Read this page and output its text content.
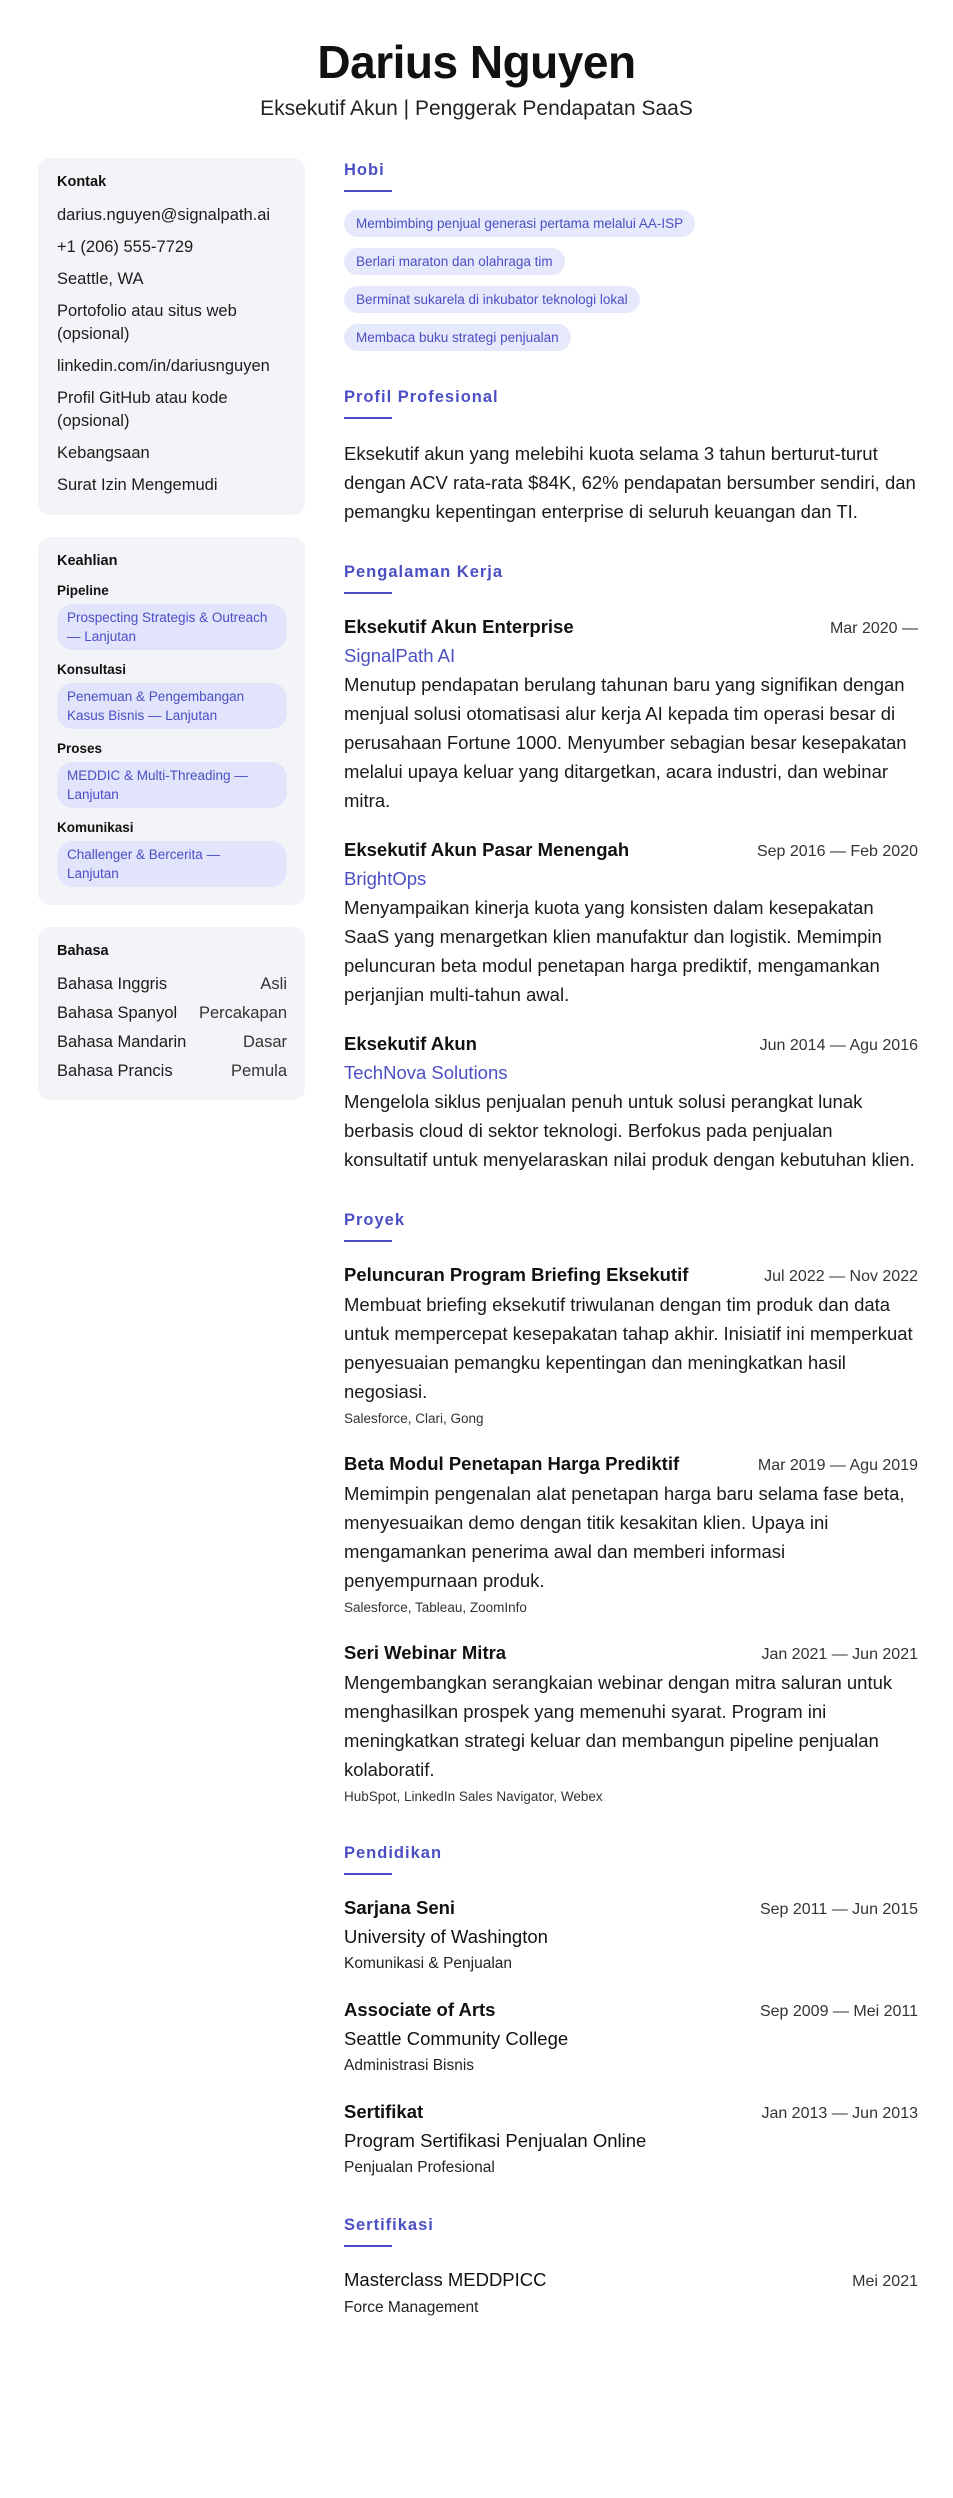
Darius Nguyen
Eksekutif Akun | Penggerak Pendapatan SaaS
Kontak
darius.nguyen@signalpath.ai
+1 (206) 555-7729
Seattle, WA
Portofolio atau situs web (opsional)
linkedin.com/in/dariusnguyen
Profil GitHub atau kode (opsional)
Kebangsaan
Surat Izin Mengemudi
Keahlian
Pipeline
Prospecting Strategis & Outreach — Lanjutan
Konsultasi
Penemuan & Pengembangan Kasus Bisnis — Lanjutan
Proses
MEDDIC & Multi-Threading — Lanjutan
Komunikasi
Challenger & Bercerita — Lanjutan
Bahasa
Bahasa Inggris	Asli
Bahasa Spanyol Percakapan
Bahasa Mandarin	Dasar
Bahasa Prancis	Pemula
Hobi
Membimbing penjual generasi pertama melalui AA-ISP
Berlari maraton dan olahraga tim
Berminat sukarela di inkubator teknologi lokal
Membaca buku strategi penjualan
Profil Profesional
Eksekutif akun yang melebihi kuota selama 3 tahun berturut-turut dengan ACV rata-rata $84K, 62% pendapatan bersumber sendiri, dan pemangku kepentingan enterprise di seluruh keuangan dan TI.
Pengalaman Kerja
Eksekutif Akun Enterprise	Mar 2020 —
SignalPath AI
Menutup pendapatan berulang tahunan baru yang signifikan dengan menjual solusi otomatisasi alur kerja AI kepada tim operasi besar di perusahaan Fortune 1000. Menyumber sebagian besar kesepakatan melalui upaya keluar yang ditargetkan, acara industri, dan webinar mitra.
Eksekutif Akun Pasar Menengah	Sep 2016 — Feb 2020
BrightOps
Menyampaikan kinerja kuota yang konsisten dalam kesepakatan SaaS yang menargetkan klien manufaktur dan logistik. Memimpin peluncuran beta modul penetapan harga prediktif, mengamankan perjanjian multi-tahun awal.
Eksekutif Akun	Jun 2014 — Agu 2016
TechNova Solutions
Mengelola siklus penjualan penuh untuk solusi perangkat lunak berbasis cloud di sektor teknologi. Berfokus pada penjualan konsultatif untuk menyelaraskan nilai produk dengan kebutuhan klien.
Proyek
Peluncuran Program Briefing Eksekutif	Jul 2022 — Nov 2022
Membuat briefing eksekutif triwulanan dengan tim produk dan data untuk mempercepat kesepakatan tahap akhir. Inisiatif ini memperkuat penyesuaian pemangku kepentingan dan meningkatkan hasil negosiasi.
Salesforce, Clari, Gong
Beta Modul Penetapan Harga Prediktif	Mar 2019 — Agu 2019
Memimpin pengenalan alat penetapan harga baru selama fase beta, menyesuaikan demo dengan titik kesakitan klien. Upaya ini mengamankan penerima awal dan memberi informasi penyempurnaan produk.
Salesforce, Tableau, ZoomInfo
Seri Webinar Mitra	Jan 2021 — Jun 2021
Mengembangkan serangkaian webinar dengan mitra saluran untuk menghasilkan prospek yang memenuhi syarat. Program ini meningkatkan strategi keluar dan membangun pipeline penjualan kolaboratif.
HubSpot, LinkedIn Sales Navigator, Webex
Pendidikan
Sarjana Seni	Sep 2011 — Jun 2015
University of Washington
Komunikasi & Penjualan
Associate of Arts	Sep 2009 — Mei 2011
Seattle Community College
Administrasi Bisnis
Sertifikat	Jan 2013 — Jun 2013
Program Sertifikasi Penjualan Online
Penjualan Profesional
Sertifikasi
Masterclass MEDDPICC	Mei 2021
Force Management
